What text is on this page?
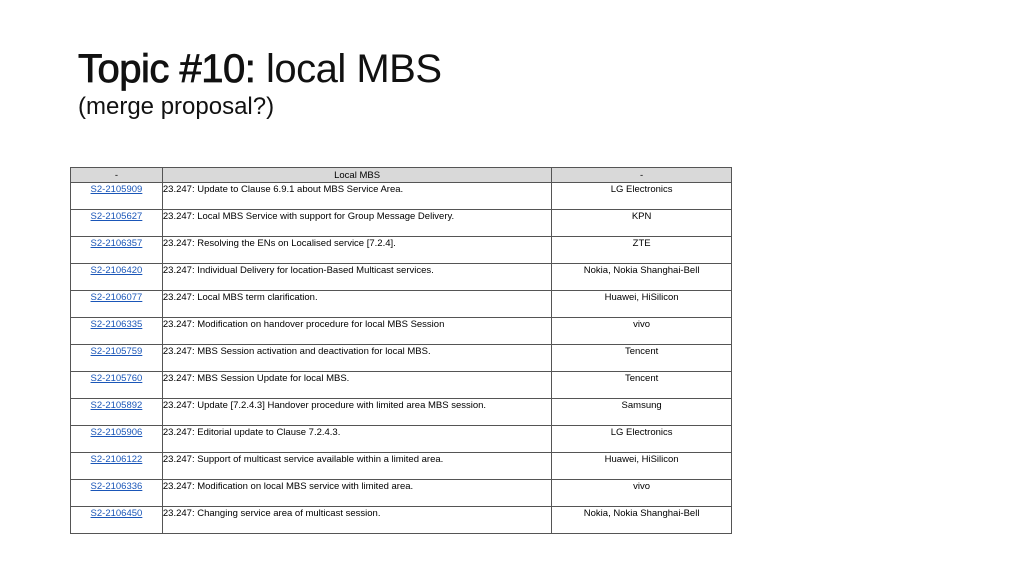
Topic #10: local MBS
(merge proposal?)
-	Local MBS	-
S2-2105909	23.247: Update to Clause 6.9.1 about MBS Service Area.	LG Electronics
S2-2105627	23.247: Local MBS Service with support for Group Message Delivery.	KPN
S2-2106357	23.247: Resolving the ENs on Localised service [7.2.4].	ZTE
S2-2106420	23.247: Individual Delivery for location-Based Multicast services.	Nokia, Nokia Shanghai-Bell
S2-2106077	23.247: Local MBS term clarification.	Huawei, HiSilicon
S2-2106335	23.247: Modification on handover procedure for local MBS Session	vivo
S2-2105759	23.247: MBS Session activation and deactivation for local MBS.	Tencent
S2-2105760	23.247: MBS Session Update for local MBS.	Tencent
S2-2105892	23.247: Update [7.2.4.3] Handover procedure with limited area MBS session.	Samsung
S2-2105906	23.247: Editorial update to Clause 7.2.4.3.	LG Electronics
S2-2106122	23.247: Support of multicast service available within a limited area.	Huawei, HiSilicon
S2-2106336	23.247: Modification on local MBS service with limited area.	vivo
S2-2106450	23.247: Changing service area of multicast session.	Nokia, Nokia Shanghai-Bell
